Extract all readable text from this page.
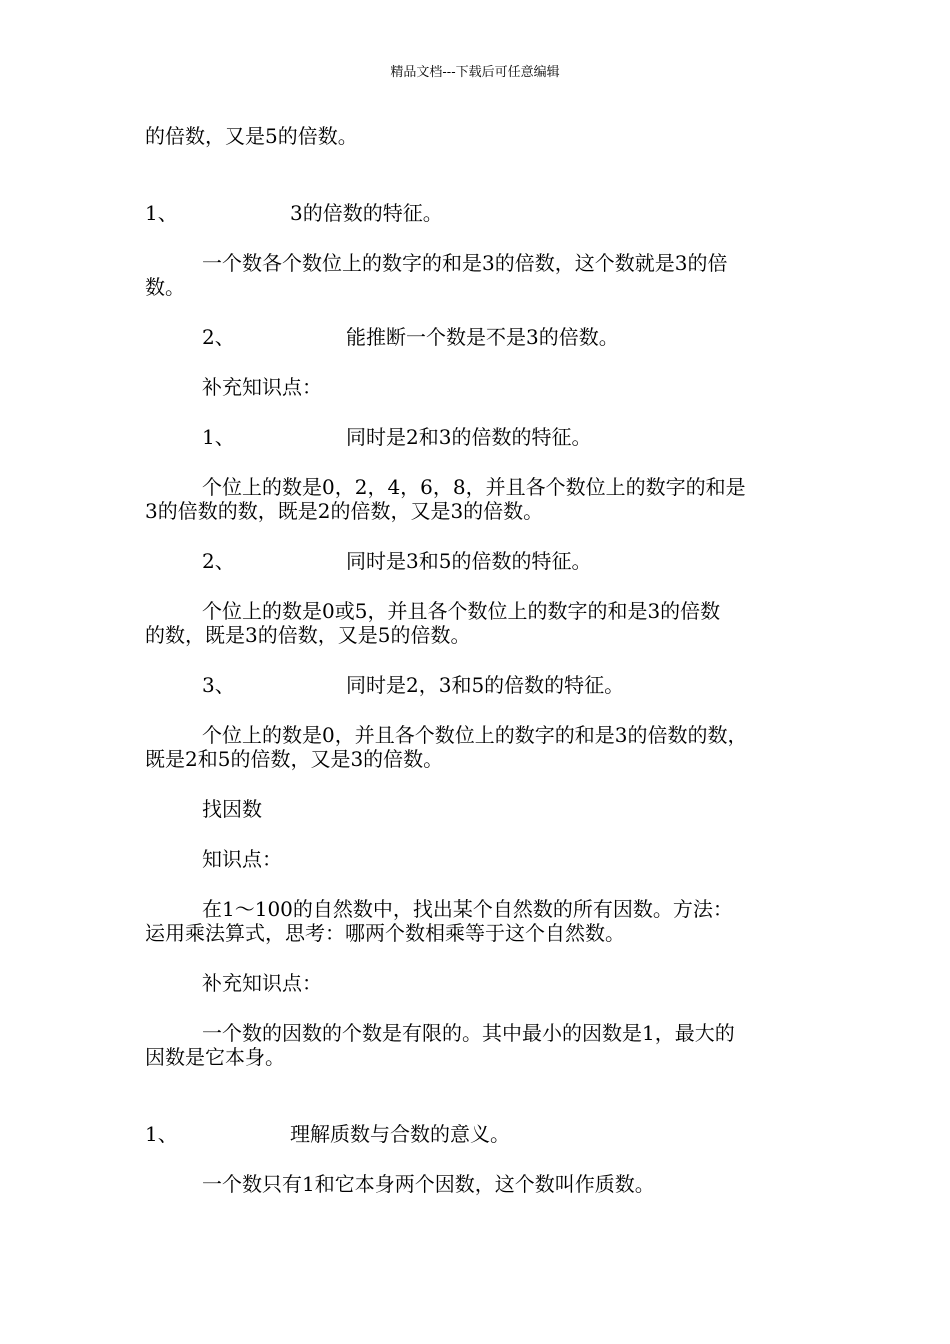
精品文档---下载后可任意编辑
的倍数，又是5的倍数。
1、	3的倍数的特征。
一个数各个数位上的数字的和是3的倍数，这个数就是3的倍
数。
2、	能推断一个数是不是3的倍数。
补充知识点：
1、	同时是2和3的倍数的特征。
个位上的数是0，2，4，6，8，并且各个数位上的数字的和是
3的倍数的数，既是2的倍数，又是3的倍数。
2、	同时是3和5的倍数的特征。
个位上的数是0或5，并且各个数位上的数字的和是3的倍数
的数，既是3的倍数，又是5的倍数。
3、	同时是2，3和5的倍数的特征。
个位上的数是0，并且各个数位上的数字的和是3的倍数的数，
既是2和5的倍数，又是3的倍数。
找因数
知识点：
在1～100的自然数中，找出某个自然数的所有因数。方法：
运用乘法算式，思考：哪两个数相乘等于这个自然数。
补充知识点：
一个数的因数的个数是有限的。其中最小的因数是1，最大的
因数是它本身。
1、	理解质数与合数的意义。
一个数只有1和它本身两个因数，这个数叫作质数。
